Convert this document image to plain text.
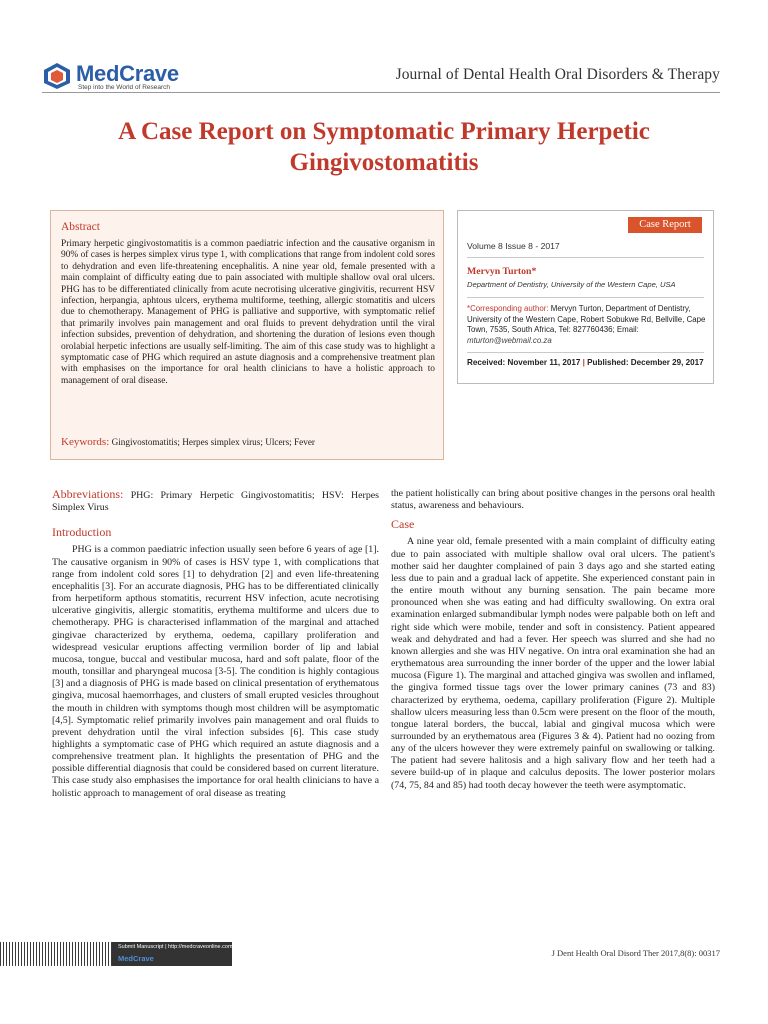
MedCrave
Step into the World of Research
Journal of Dental Health Oral Disorders & Therapy
A Case Report on Symptomatic Primary Herpetic Gingivostomatitis
Abstract

Primary herpetic gingivostomatitis is a common paediatric infection and the causative organism in 90% of cases is herpes simplex virus type 1, with complications that range from indolent cold sores to dehydration and even life-threatening encephalitis. A nine year old, female presented with a main complaint of difficulty eating due to pain associated with multiple shallow oval oral ulcers. PHG has to be differentiated clinically from acute necrotising ulcerative gingivitis, recurrent HSV infection, herpangia, aphtous ulcers, erythema multiforme, teething, allergic stomatitis and ulcers due to chemotherapy. Management of PHG is palliative and supportive, with symptomatic relief that primarily involves pain management and oral fluids to prevent dehydration until the viral infection subsides, prevention of dehydration, and shortening the duration of lesions even though orolabial herpetic infections are usually self-limiting. The aim of this case study was to highlight a symptomatic case of PHG which required an astute diagnosis and a comprehensive treatment plan with emphasises on the importance for oral health clinicians to have a holistic approach to management of oral disease.

Keywords: Gingivostomatitis; Herpes simplex virus; Ulcers; Fever
Case Report
Volume 8 Issue 8 - 2017
Mervyn Turton*
Department of Dentistry, University of the Western Cape, USA
*Corresponding author: Mervyn Turton, Department of Dentistry, University of the Western Cape, Robert Sobukwe Rd, Bellville, Cape Town, 7535, South Africa, Tel: 827760436; Email: mturton@webmail.co.za
Received: November 11, 2017 | Published: December 29, 2017

Abbreviations: PHG: Primary Herpetic Gingivostomatitis; HSV: Herpes Simplex Virus

Introduction

PHG is a common paediatric infection usually seen before 6 years of age [1]. The causative organism in 90% of cases is HSV type 1, with complications that range from indolent cold sores [1] to dehydration [2] and even life-threatening encephalitis [3]. For an accurate diagnosis, PHG has to be differentiated clinically from herpetiform apthous stomatitis, recurrent HSV infection, acute necrotising ulcerative gingivitis, allergic stomatitis, erythema multiforme and ulcers due to chemotherapy. PHG is characterised inflammation of the marginal and attached gingivae characterized by erythema, oedema, capillary proliferation and widespread vesicular eruptions affecting vermilion border of lip and labial mucosa, tongue, buccal and vestibular mucosa, hard and soft palate, floor of the mouth, tonsillar and pharyngeal mucosa [3-5]. The condition is highly contagious [3] and a diagnosis of PHG is made based on clinical presentation of erythematous gingiva, mucosal haemorrhages, and clusters of small erupted vesicles throughout the mouth in children with symptoms though most children will be asymptomatic [4,5]. Symptomatic relief primarily involves pain management and oral fluids to prevent dehydration until the viral infection subsides [6]. This case study highlights a symptomatic case of PHG which required an astute diagnosis and a comprehensive treatment plan. It highlights the presentation of PHG and the possible differential diagnosis that could be considered based on current literature. This case study also emphasises the importance for oral health clinicians to have a holistic approach to management of oral disease as treating

the patient holistically can bring about positive changes in the persons oral health status, awareness and behaviours.

Case

A nine year old, female presented with a main complaint of difficulty eating due to pain associated with multiple shallow oval oral ulcers. The patient's mother said her daughter complained of pain 3 days ago and she started eating less due to pain and a gradual lack of appetite. She experienced constant pain in the entire mouth without any burning sensation. The pain became more pronounced when she was eating and had difficulty swallowing. On extra oral examination enlarged submandibular lymph nodes were palpable both on left and right side which were mobile, tender and soft in consistency. Patient appeared weak and dehydrated and had a fever. Her speech was slurred and she had no known allergies and she was HIV negative. On intra oral examination she had an erythematous area surrounding the inner border of the upper and the lower labial mucosa (Figure 1). The marginal and attached gingiva was swollen and inflamed, the gingiva formed tissue tags over the lower primary canines (73 and 83) characterized by erythema, oedema, capillary proliferation (Figure 2). Multiple shallow ulcers measuring less than 0.5cm were present on the floor of the mouth, tongue lateral borders, the buccal, labial and gingival mucosa which were surrounded by an erythematous area (Figures 3 & 4). Patient had no oozing from any of the ulcers however they were extremely painful on swallowing or talking. The patient had severe halitosis and a high salivary flow and her teeth had a severe build-up of in plaque and calculus deposits. The lower posterior molars (74, 75, 84 and 85) had tooth decay however the teeth were asymptomatic.

Submit Manuscript | http://medcraveonline.com
MedCrave
J Dent Health Oral Disord Ther 2017,8(8): 00317
